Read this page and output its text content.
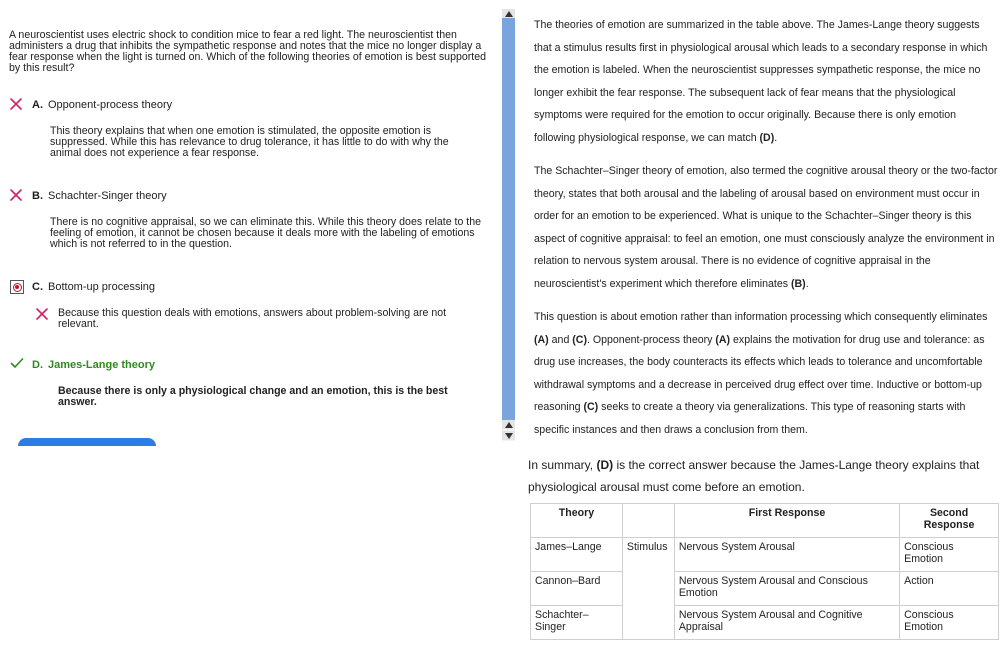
A neuroscientist uses electric shock to condition mice to fear a red light. The neuroscientist then administers a drug that inhibits the sympathetic response and notes that the mice no longer display a fear response when the light is turned on. Which of the following theories of emotion is best supported by this result?
A. Opponent-process theory
This theory explains that when one emotion is stimulated, the opposite emotion is suppressed. While this has relevance to drug tolerance, it has little to do with why the animal does not experience a fear response.
B. Schachter-Singer theory
There is no cognitive appraisal, so we can eliminate this. While this theory does relate to the feeling of emotion, it cannot be chosen because it deals more with the labeling of emotions which is not referred to in the question.
C. Bottom-up processing
Because this question deals with emotions, answers about problem-solving are not relevant.
D. James-Lange theory
Because there is only a physiological change and an emotion, this is the best answer.

The theories of emotion are summarized in the table above. The James-Lange theory suggests that a stimulus results first in physiological arousal which leads to a secondary response in which the emotion is labeled. When the neuroscientist suppresses sympathetic response, the mice no longer exhibit the fear response. The subsequent lack of fear means that the physiological symptoms were required for the emotion to occur originally. Because there is only emotion following physiological response, we can match (D).

The Schachter–Singer theory of emotion, also termed the cognitive arousal theory or the two-factor theory, states that both arousal and the labeling of arousal based on environment must occur in order for an emotion to be experienced. What is unique to the Schachter–Singer theory is this aspect of cognitive appraisal: to feel an emotion, one must consciously analyze the environment in relation to nervous system arousal. There is no evidence of cognitive appraisal in the neuroscientist's experiment which therefore eliminates (B).

This question is about emotion rather than information processing which consequently eliminates (A) and (C). Opponent-process theory (A) explains the motivation for drug use and tolerance: as drug use increases, the body counteracts its effects which leads to tolerance and uncomfortable withdrawal symptoms and a decrease in perceived drug effect over time. Inductive or bottom-up reasoning (C) seeks to create a theory via generalizations. This type of reasoning starts with specific instances and then draws a conclusion from them.

In summary, (D) is the correct answer because the James-Lange theory explains that physiological arousal must come before an emotion.
Theory		First Response	Second Response
James–Lange	Stimulus	Nervous System Arousal	Conscious Emotion
Cannon–Bard		Nervous System Arousal and Conscious Emotion	Action
Schachter–Singer		Nervous System Arousal and Cognitive Appraisal	Conscious Emotion
